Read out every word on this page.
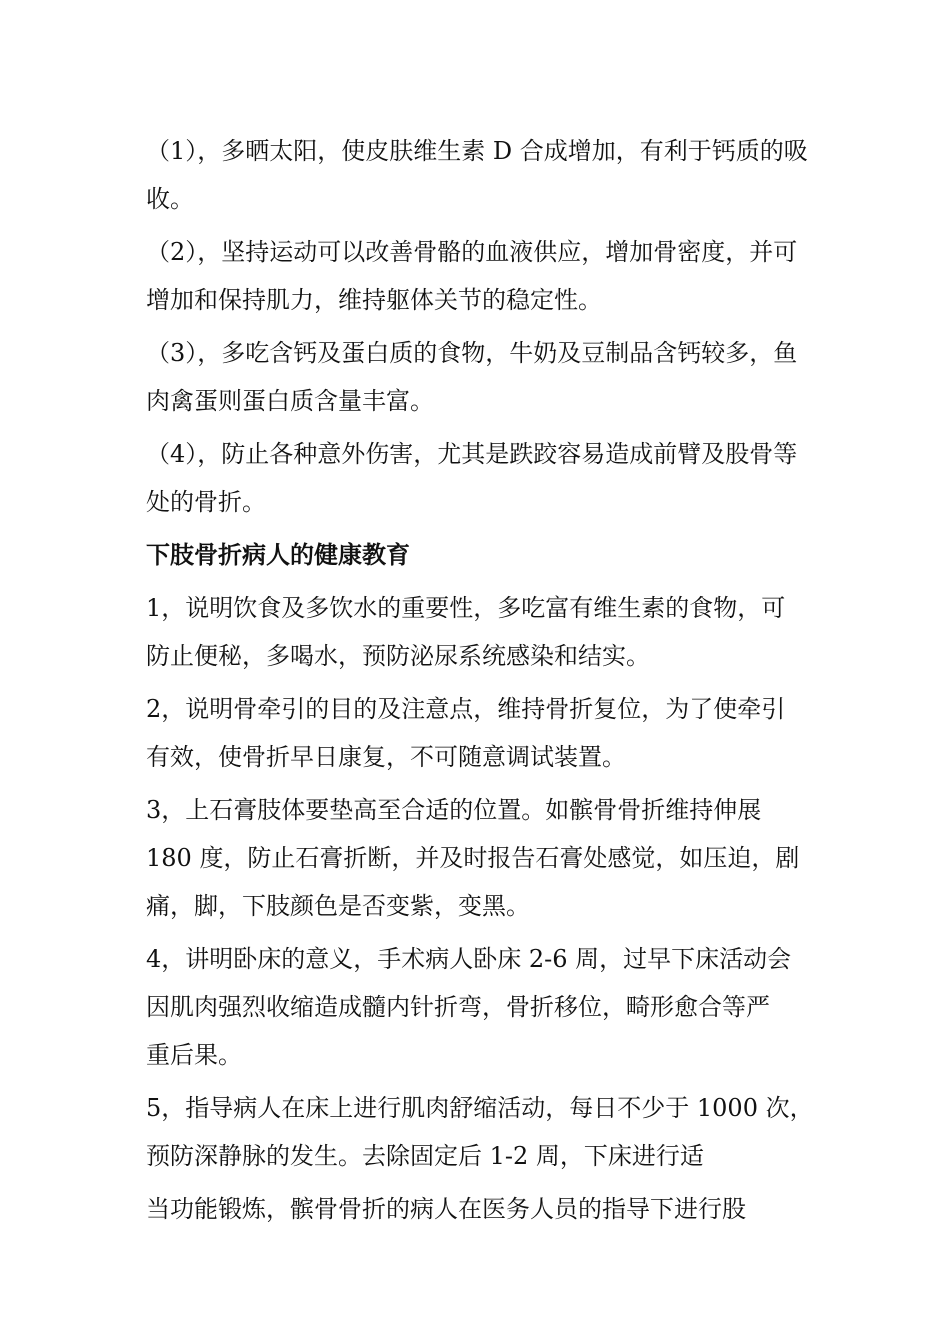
（1），多晒太阳，使皮肤维生素 D 合成增加，有利于钙质的吸
收。

（2），坚持运动可以改善骨骼的血液供应，增加骨密度，并可
增加和保持肌力，维持躯体关节的稳定性。

（3），多吃含钙及蛋白质的食物，牛奶及豆制品含钙较多，鱼
肉禽蛋则蛋白质含量丰富。

（4），防止各种意外伤害，尤其是跌跤容易造成前臂及股骨等
处的骨折。

下肢骨折病人的健康教育

1，说明饮食及多饮水的重要性，多吃富有维生素的食物，可
防止便秘，多喝水，预防泌尿系统感染和结实。

2，说明骨牵引的目的及注意点，维持骨折复位，为了使牵引
有效，使骨折早日康复，不可随意调试装置。

3，上石膏肢体要垫高至合适的位置。如髌骨骨折维持伸展
180 度，防止石膏折断，并及时报告石膏处感觉，如压迫，剧
痛，脚，下肢颜色是否变紫，变黑。

4，讲明卧床的意义，手术病人卧床 2-6 周，过早下床活动会
因肌肉强烈收缩造成髓内针折弯，骨折移位，畸形愈合等严
重后果。

5，指导病人在床上进行肌肉舒缩活动，每日不少于 1000 次，
预防深静脉的发生。去除固定后 1-2 周，下床进行适

当功能锻炼，髌骨骨折的病人在医务人员的指导下进行股
